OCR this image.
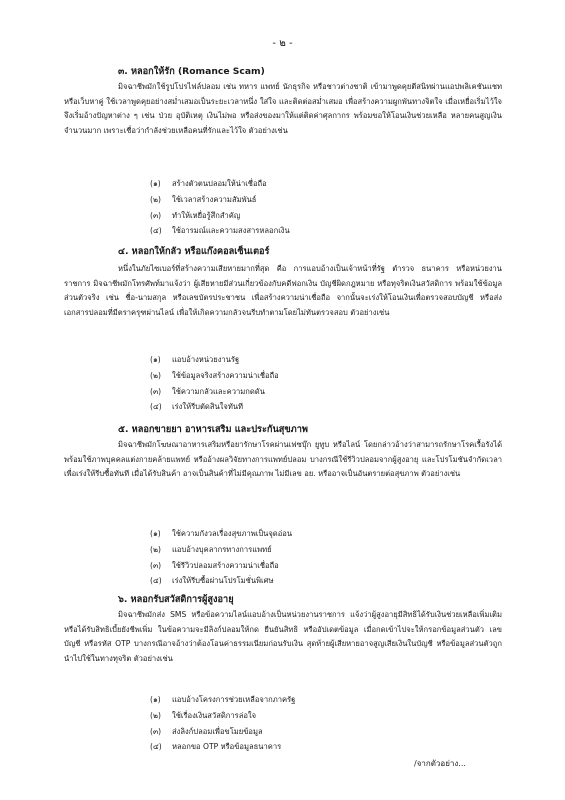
- ๒ -
๓. หลอกให้รัก (Romance Scam)

มิจฉาชีพมักใช้รูปโปรไฟล์ปลอม เช่น ทหาร แพทย์ นักธุรกิจ หรือชาวต่างชาติ เข้ามาพูดคุยตีสนิทผ่านแอปพลิเคชันแชทหรือเว็บหาคู่ ใช้เวลาพูดคุยอย่างสม่ำเสมอเป็นระยะเวลาหนึ่ง ใส่ใจ และติดต่อสม่ำเสมอ เพื่อสร้างความผูกพันทางจิตใจ เมื่อเหยื่อเริ่มไว้ใจ จึงเริ่มอ้างปัญหาต่าง ๆ เช่น ป่วย อุบัติเหตุ เงินไม่พอ หรือส่งของมาให้แต่ติดค่าศุลกากร พร้อมขอให้โอนเงินช่วยเหลือ หลายคนสูญเงินจำนวนมาก เพราะเชื่อว่ากำลังช่วยเหลือคนที่รักและไว้ใจ ตัวอย่างเช่น

(๑) สร้างตัวตนปลอมให้น่าเชื่อถือ
(๒) ใช้เวลาสร้างความสัมพันธ์
(๓) ทำให้เหยื่อรู้สึกสำคัญ
(๔) ใช้อารมณ์และความสงสารหลอกเงิน
๔. หลอกให้กลัว หรือแก๊งคอลเซ็นเตอร์

หนึ่งในภัยไซเบอร์ที่สร้างความเสียหายมากที่สุด คือ การแอบอ้างเป็นเจ้าหน้าที่รัฐ ตำรวจ ธนาคาร หรือหน่วยงานราชการ มิจฉาชีพมักโทรศัพท์มาแจ้งว่า ผู้เสียหายมีส่วนเกี่ยวข้องกับคดีฟอกเงิน บัญชีผิดกฎหมาย หรือทุจริตเงินสวัสดิการ พร้อมใช้ข้อมูลส่วนตัวจริง เช่น ชื่อ-นามสกุล หรือเลขบัตรประชาชน เพื่อสร้างความน่าเชื่อถือ จากนั้นจะเร่งให้โอนเงินเพื่อตรวจสอบบัญชี หรือส่งเอกสารปลอมที่มีตราครุฑผ่านไลน์ เพื่อให้เกิดความกลัวจนรีบทำตามโดยไม่ทันตรวจสอบ ตัวอย่างเช่น

(๑) แอบอ้างหน่วยงานรัฐ
(๒) ใช้ข้อมูลจริงสร้างความน่าเชื่อถือ
(๓) ใช้ความกลัวและความกดดัน
(๔) เร่งให้รีบตัดสินใจทันที
๕. หลอกขายยา อาหารเสริม และประกันสุขภาพ

มิจฉาชีพมักโฆษณาอาหารเสริมหรือยารักษาโรคผ่านเฟซบุ๊ก ยูทูบ หรือไลน์ โดยกล่าวอ้างว่าสามารถรักษาโรคเรื้อรังได้ พร้อมใช้ภาพบุคคลแต่งกายคล้ายแพทย์ หรืออ้างผลวิจัยทางการแพทย์ปลอม บางกรณีใช้รีวิวปลอมจากผู้สูงอายุ และโปรโมชันจำกัดเวลา เพื่อเร่งให้รีบซื้อทันที เมื่อได้รับสินค้า อาจเป็นสินค้าที่ไม่มีคุณภาพ ไม่มีเลข อย. หรืออาจเป็นอันตรายต่อสุขภาพ ตัวอย่างเช่น

(๑) ใช้ความกังวลเรื่องสุขภาพเป็นจุดอ่อน
(๒) แอบอ้างบุคลากรทางการแพทย์
(๓) ใช้รีวิวปลอมสร้างความน่าเชื่อถือ
(๔) เร่งให้รีบซื้อผ่านโปรโมชั่นพิเศษ
๖. หลอกรับสวัสดิการผู้สูงอายุ

มิจฉาชีพมักส่ง SMS หรือข้อความไลน์แอบอ้างเป็นหน่วยงานราชการ แจ้งว่าผู้สูงอายุมีสิทธิได้รับเงินช่วยเหลือเพิ่มเติม หรือได้รับสิทธิเบี้ยยังชีพเพิ่ม ในข้อความจะมีลิงก์ปลอมให้กด ยืนยันสิทธิ หรืออัปเดตข้อมูล เมื่อกดเข้าไปจะให้กรอกข้อมูลส่วนตัว เลขบัญชี หรือรหัส OTP บางกรณีอาจอ้างว่าต้องโอนค่าธรรมเนียมก่อนรับเงิน สุดท้ายผู้เสียหายอาจสูญเสียเงินในบัญชี หรือข้อมูลส่วนตัวถูกนำไปใช้ในทางทุจริต ตัวอย่างเช่น

(๑) แอบอ้างโครงการช่วยเหลือจากภาครัฐ
(๒) ใช้เรื่องเงินสวัสดิการล่อใจ
(๓) ส่งลิงก์ปลอมเพื่อขโมยข้อมูล
(๔) หลอกขอ OTP หรือข้อมูลธนาคาร
/จากตัวอย่าง...
